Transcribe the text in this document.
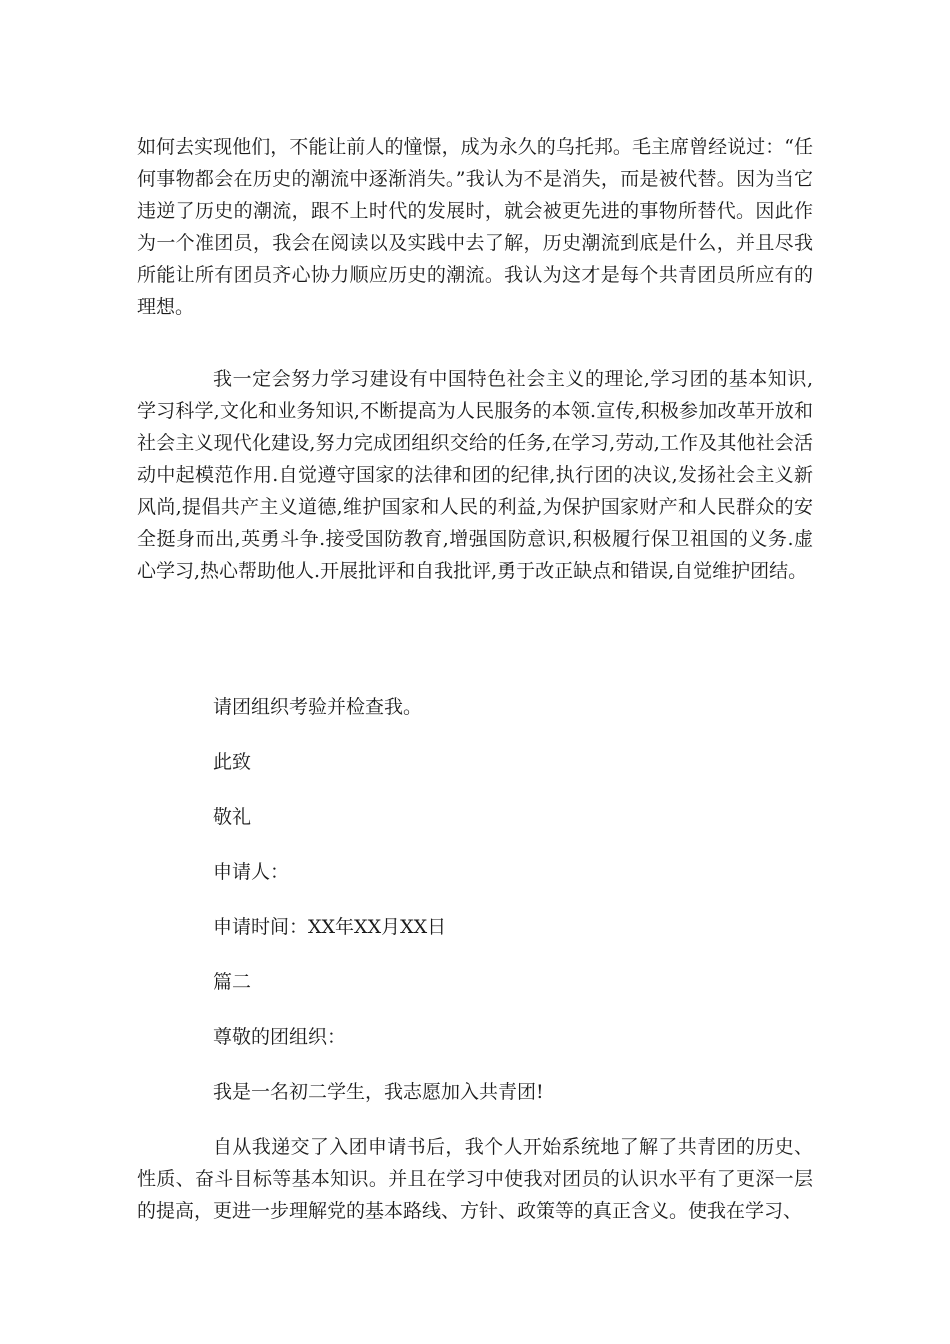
如何去实现他们，不能让前人的憧憬，成为永久的乌托邦。毛主席曾经说过：“任何事物都会在历史的潮流中逐渐消失。”我认为不是消失，而是被代替。因为当它违逆了历史的潮流，跟不上时代的发展时，就会被更先进的事物所替代。因此作为一个准团员，我会在阅读以及实践中去了解，历史潮流到底是什么，并且尽我所能让所有团员齐心协力顺应历史的潮流。我认为这才是每个共青团员所应有的理想。

我一定会努力学习建设有中国特色社会主义的理论,学习团的基本知识,学习科学,文化和业务知识,不断提高为人民服务的本领.宣传,积极参加改革开放和社会主义现代化建设,努力完成团组织交给的任务,在学习,劳动,工作及其他社会活动中起模范作用.自觉遵守国家的法律和团的纪律,执行团的决议,发扬社会主义新风尚,提倡共产主义道德,维护国家和人民的利益,为保护国家财产和人民群众的安全挺身而出,英勇斗争.接受国防教育,增强国防意识,积极履行保卫祖国的义务.虚心学习,热心帮助他人.开展批评和自我批评,勇于改正缺点和错误,自觉维护团结。

请团组织考验并检查我。

此致

敬礼

申请人：

申请时间：XX年XX月XX日

篇二

尊敬的团组织：

我是一名初二学生，我志愿加入共青团!

自从我递交了入团申请书后，我个人开始系统地了解了共青团的历史、性质、奋斗目标等基本知识。并且在学习中使我对团员的认识水平有了更深一层的提高，更进一步理解党的基本路线、方针、政策等的真正含义。使我在学习、
